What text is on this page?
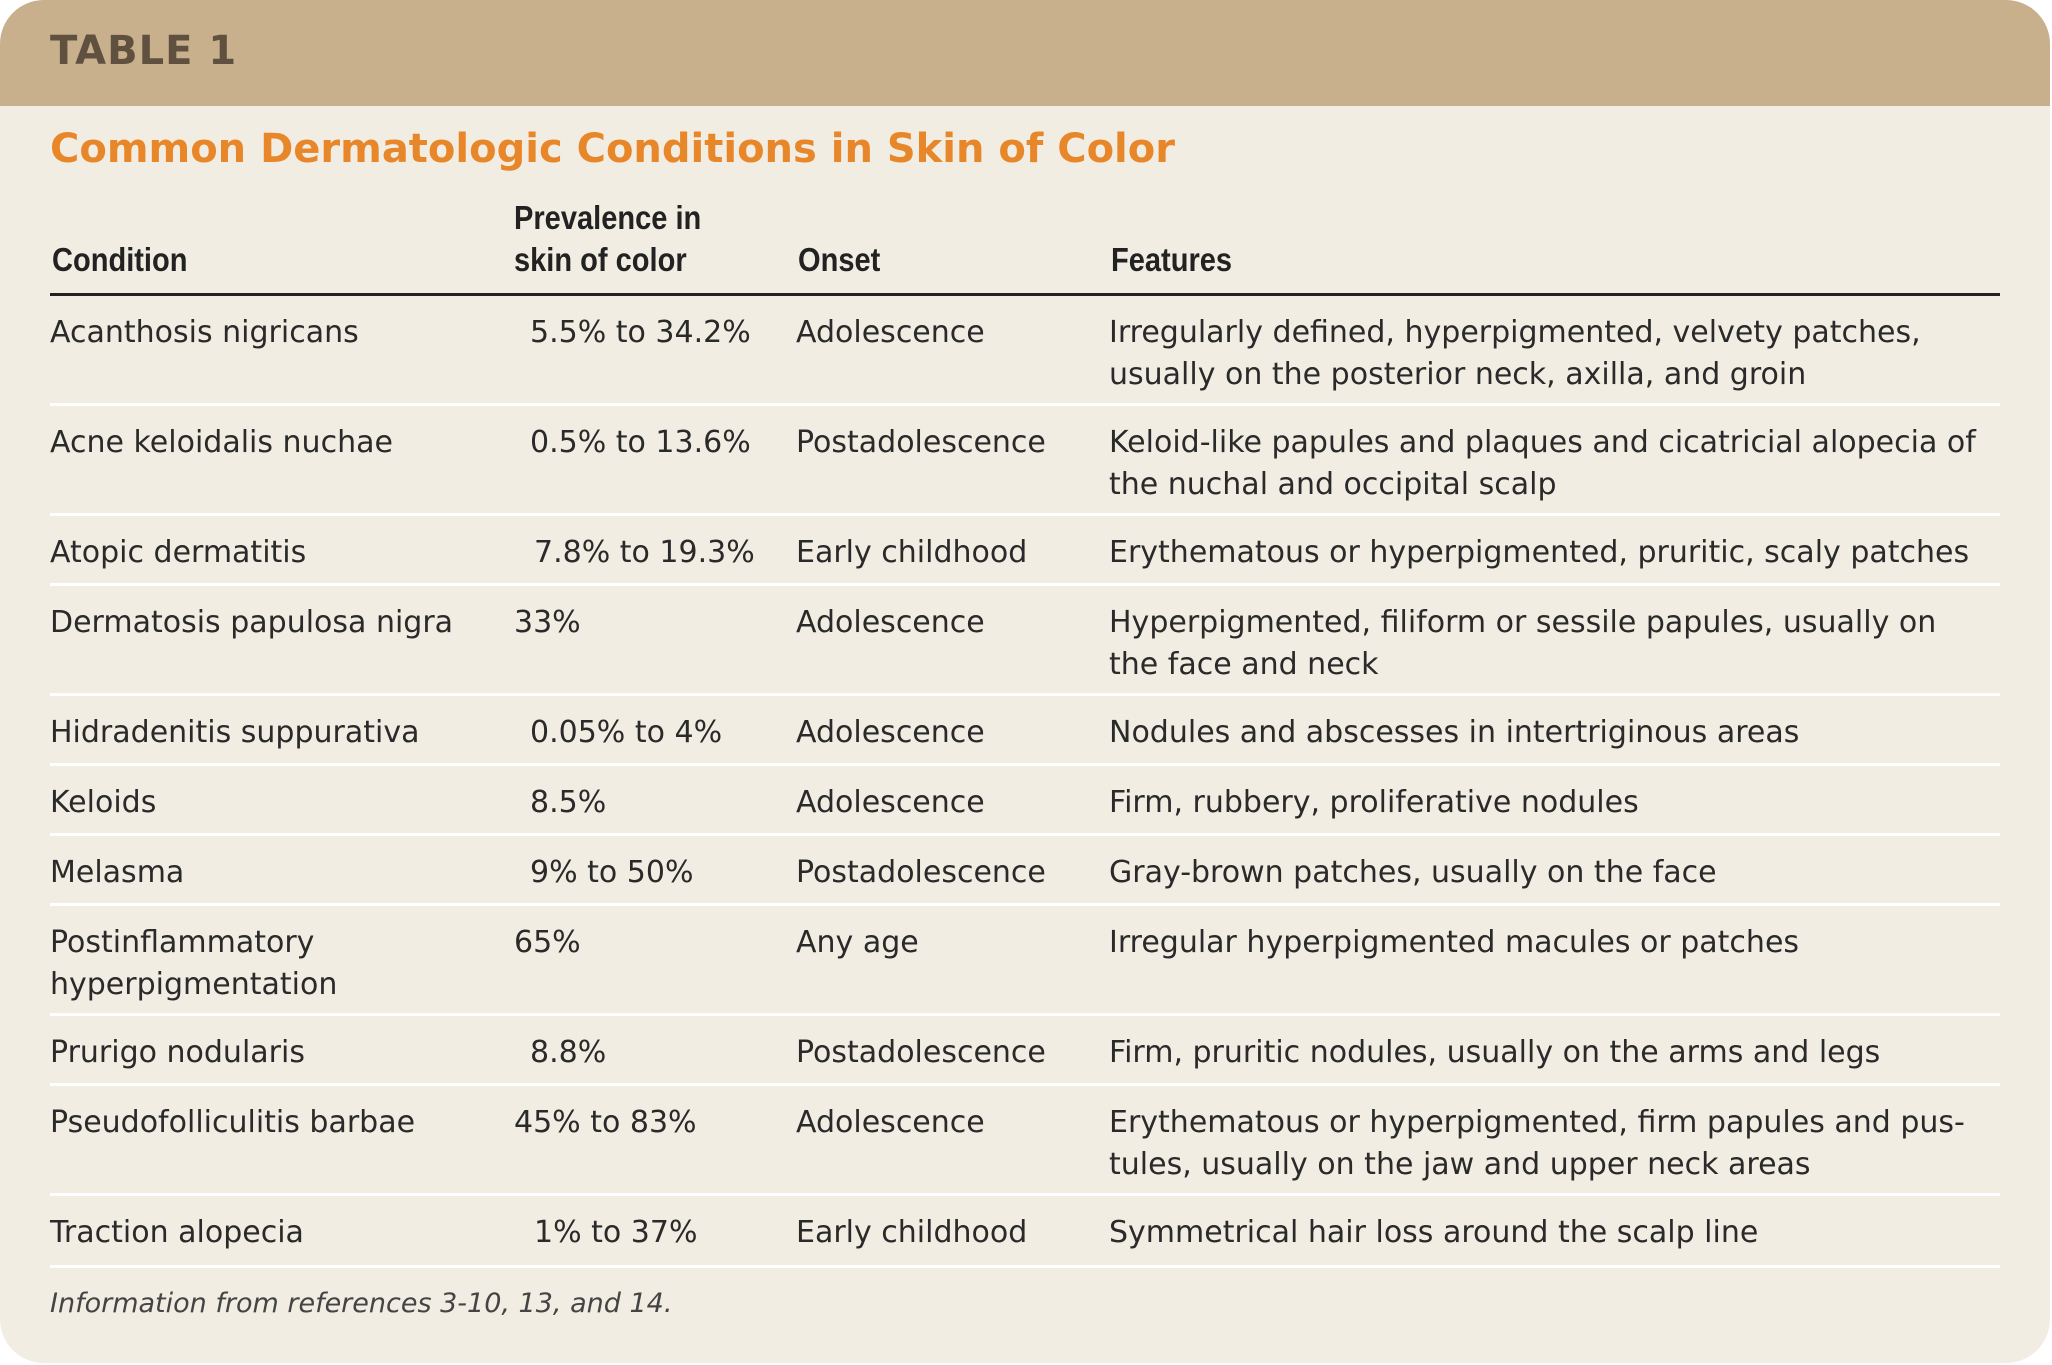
TABLE 1
Common Dermatologic Conditions in Skin of Color
Condition
Prevalence in
skin of color	Onset	Features
Acanthosis nigricans	5.5% to 34.2% Adolescence	Irregularly defined, hyperpigmented, velvety patches,
usually on the posterior neck, axilla, and groin
Acne keloidalis nuchae	0.5% to 13.6% Postadolescence Keloid-like papules and plaques and cicatricial alopecia of
the nuchal and occipital scalp
Atopic dermatitis	7.8% to 19.3% Early childhood	Erythematous or hyperpigmented, pruritic, scaly patches
Dermatosis papulosa nigra 33%	Adolescence	Hyperpigmented, filiform or sessile papules, usually on
the face and neck
Hidradenitis suppurativa	0.05% to 4% Adolescence	Nodules and abscesses in intertriginous areas
Keloids	8.5%	Adolescence	Firm, rubbery, proliferative nodules
Melasma	9% to 50%	Postadolescence Gray-brown patches, usually on the face
Postinflammatory
hyperpigmentation
65%	Any age	Irregular hyperpigmented macules or patches
Prurigo nodularis	8.8%	Postadolescence Firm, pruritic nodules, usually on the arms and legs
Pseudofolliculitis barbae	45% to 83%	Adolescence	Erythematous or hyperpigmented, firm papules and pus-
tules, usually on the jaw and upper neck areas
Traction alopecia	1% to 37%	Early childhood	Symmetrical hair loss around the scalp line
Information from references 3-10, 13, and 14.
